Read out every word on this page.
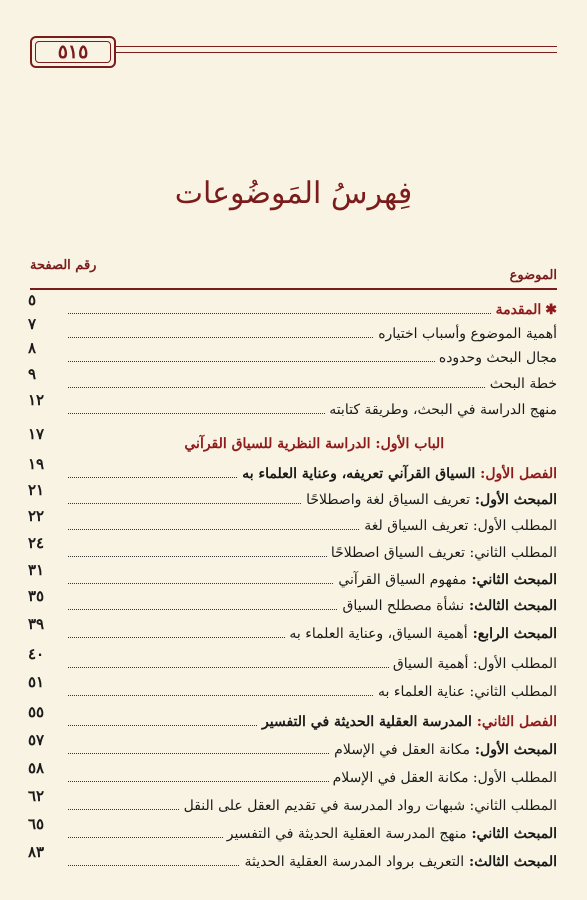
٥١٥
فِهرسُ المَوضُوعات
الموضوع
رقم الصفحة
✱المقدمة
٥
أهمية الموضوع وأسباب اختياره
٧
مجال البحث وحدوده
٨
خطة البحث
٩
منهج الدراسة في البحث، وطريقة كتابته
١٢
الباب الأول: الدراسة النظرية للسياق القرآني
١٧
الفصل الأول: السياق القرآني تعريفه، وعناية العلماء به
١٩
المبحث الأول: تعريف السياق لغة واصطلاحًا
٢١
المطلب الأول: تعريف السياق لغة
٢٢
المطلب الثاني: تعريف السياق اصطلاحًا
٢٤
المبحث الثاني: مفهوم السياق القرآني
٣١
المبحث الثالث: نشأة مصطلح السياق
٣٥
المبحث الرابع: أهمية السياق، وعناية العلماء به
٣٩
المطلب الأول: أهمية السياق
٤٠
المطلب الثاني: عناية العلماء به
٥١
الفصل الثاني: المدرسة العقلية الحديثة في التفسير
٥٥
المبحث الأول: مكانة العقل في الإسلام
٥٧
المطلب الأول: مكانة العقل في الإسلام
٥٨
المطلب الثاني: شبهات رواد المدرسة في تقديم العقل على النقل
٦٢
المبحث الثاني: منهج المدرسة العقلية الحديثة في التفسير
٦٥
المبحث الثالث: التعريف برواد المدرسة العقلية الحديثة
٨٣
